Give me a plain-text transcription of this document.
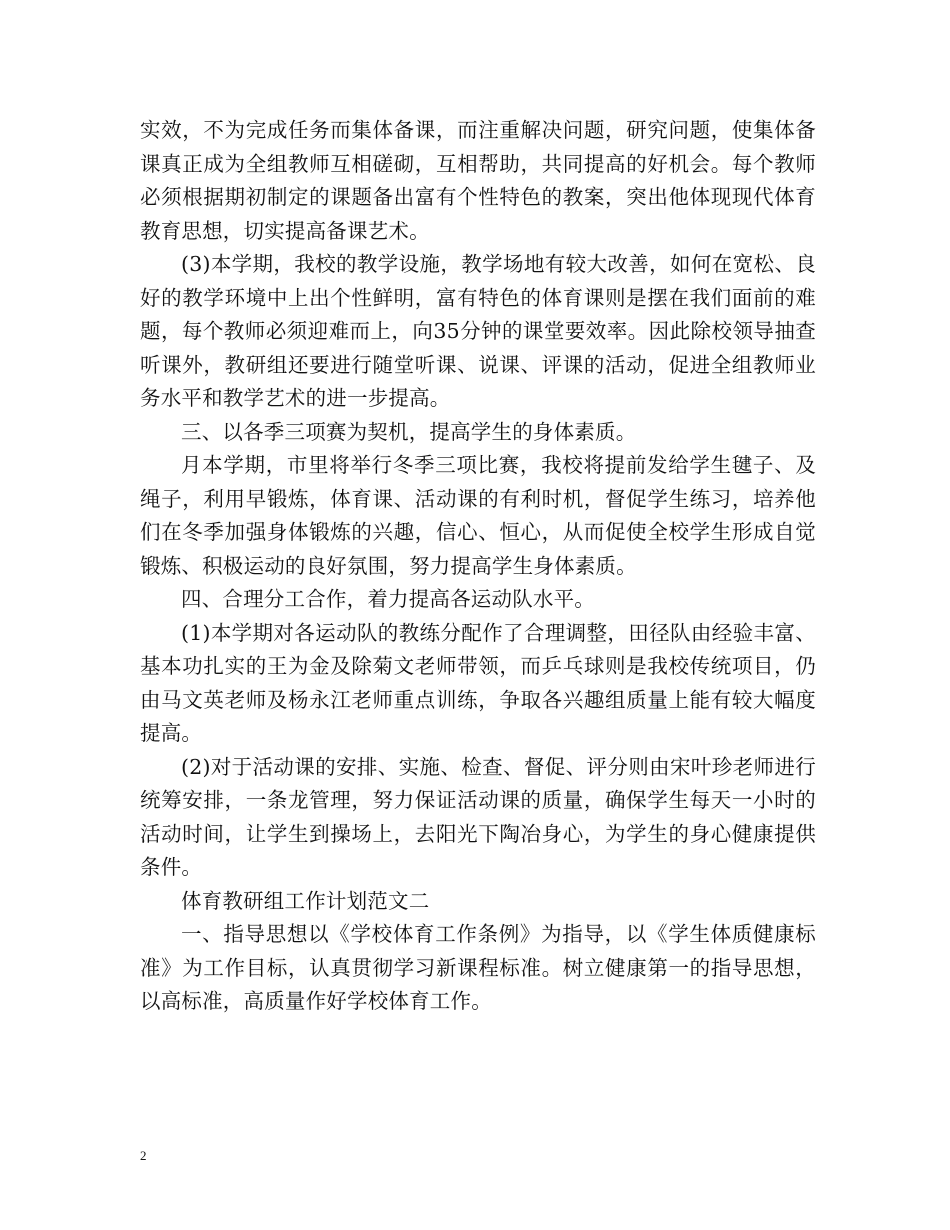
实效，不为完成任务而集体备课，而注重解决问题，研究问题，使集体备课真正成为全组教师互相磋砌，互相帮助，共同提高的好机会。每个教师必须根据期初制定的课题备出富有个性特色的教案，突出他体现现代体育教育思想，切实提高备课艺术。

(3)本学期，我校的教学设施，教学场地有较大改善，如何在宽松、良好的教学环境中上出个性鲜明，富有特色的体育课则是摆在我们面前的难题，每个教师必须迎难而上，向35分钟的课堂要效率。因此除校领导抽查听课外，教研组还要进行随堂听课、说课、评课的活动，促进全组教师业务水平和教学艺术的进一步提高。

三、以各季三项赛为契机，提高学生的身体素质。

月本学期，市里将举行冬季三项比赛，我校将提前发给学生毽子、及绳子，利用早锻炼，体育课、活动课的有利时机，督促学生练习，培养他们在冬季加强身体锻炼的兴趣，信心、恒心，从而促使全校学生形成自觉锻炼、积极运动的良好氛围，努力提高学生身体素质。

四、合理分工合作，着力提高各运动队水平。

(1)本学期对各运动队的教练分配作了合理调整，田径队由经验丰富、基本功扎实的王为金及除菊文老师带领，而乒乓球则是我校传统项目，仍由马文英老师及杨永江老师重点训练，争取各兴趣组质量上能有较大幅度提高。

(2)对于活动课的安排、实施、检查、督促、评分则由宋叶珍老师进行统筹安排，一条龙管理，努力保证活动课的质量，确保学生每天一小时的活动时间，让学生到操场上，去阳光下陶冶身心，为学生的身心健康提供条件。

体育教研组工作计划范文二

一、指导思想以《学校体育工作条例》为指导，以《学生体质健康标准》为工作目标，认真贯彻学习新课程标准。树立健康第一的指导思想，以高标准，高质量作好学校体育工作。

2
